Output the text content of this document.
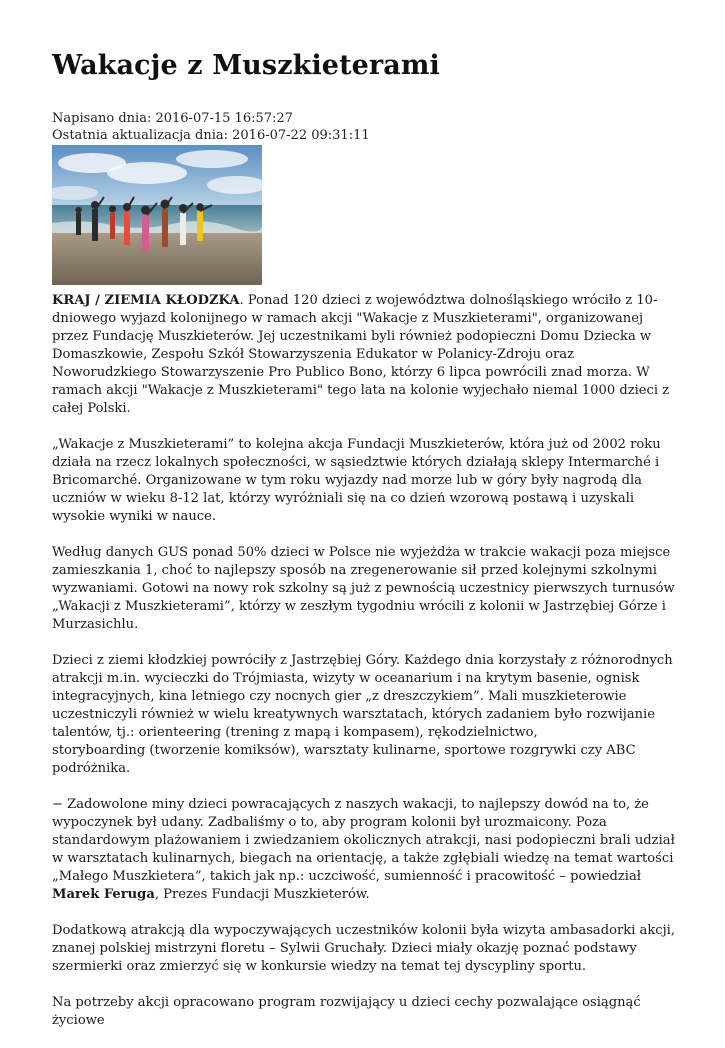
Wakacje z Muszkieterami
Napisano dnia: 2016-07-15 16:57:27
Ostatnia aktualizacja dnia: 2016-07-22 09:31:11

KRAJ / ZIEMIA KŁODZKA. Ponad 120 dzieci z województwa dolnośląskiego wróciło z 10-dniowego wyjazd kolonijnego w ramach akcji "Wakacje z Muszkieterami", organizowanej przez Fundację Muszkieterów. Jej uczestnikami byli również podopieczni Domu Dziecka w Domaszkowie, Zespołu Szkół Stowarzyszenia Edukator w Polanicy-Zdroju oraz Noworudzkiego Stowarzyszenie Pro Publico Bono, którzy 6 lipca powrócili znad morza. W ramach akcji "Wakacje z Muszkieterami" tego lata na kolonie wyjechało niemal 1000 dzieci z całej Polski.

„Wakacje z Muszkieterami” to kolejna akcja Fundacji Muszkieterów, która już od 2002 roku działa na rzecz lokalnych społeczności, w sąsiedztwie których działają sklepy Intermarché i Bricomarché. Organizowane w tym roku wyjazdy nad morze lub w góry były nagrodą dla uczniów w wieku 8-12 lat, którzy wyróżniali się na co dzień wzorową postawą i uzyskali wysokie wyniki w nauce.

Według danych GUS ponad 50% dzieci w Polsce nie wyjeżdża w trakcie wakacji poza miejsce zamieszkania 1, choć to najlepszy sposób na zregenerowanie sił przed kolejnymi szkolnymi wyzwaniami. Gotowi na nowy rok szkolny są już z pewnością uczestnicy pierwszych turnusów „Wakacji z Muszkieterami”, którzy w zeszłym tygodniu wrócili z kolonii w Jastrzębiej Górze i Murzasichlu.

Dzieci z ziemi kłodzkiej powróciły z Jastrzębiej Góry. Każdego dnia korzystały z różnorodnych atrakcji m.in. wycieczki do Trójmiasta, wizyty w oceanarium i na krytym basenie, ognisk integracyjnych, kina letniego czy nocnych gier „z dreszczykiem”. Mali muszkieterowie uczestniczyli również w wielu kreatywnych warsztatach, których zadaniem było rozwijanie talentów, tj.: orienteering (trening z mapą i kompasem), rękodzielnictwo,
storyboarding (tworzenie komiksów), warsztaty kulinarne, sportowe rozgrywki czy ABC podróżnika.

− Zadowolone miny dzieci powracających z naszych wakacji, to najlepszy dowód na to, że wypoczynek był udany. Zadbaliśmy o to, aby program kolonii był urozmaicony. Poza standardowym plażowaniem i zwiedzaniem okolicznych atrakcji, nasi podopieczni brali udział w warsztatach kulinarnych, biegach na orientację, a także zgłębiali wiedzę na temat wartości „Małego Muszkietera”, takich jak np.: uczciwość, sumienność i pracowitość – powiedział Marek Feruga, Prezes Fundacji Muszkieterów.

Dodatkową atrakcją dla wypoczywających uczestników kolonii była wizyta ambasadorki akcji, znanej polskiej mistrzyni floretu – Sylwii Gruchały. Dzieci miały okazję poznać podstawy szermierki oraz zmierzyć się w konkursie wiedzy na temat tej dyscypliny sportu.

Na potrzeby akcji opracowano program rozwijający u dzieci cechy pozwalające osiągnąć życiowe
